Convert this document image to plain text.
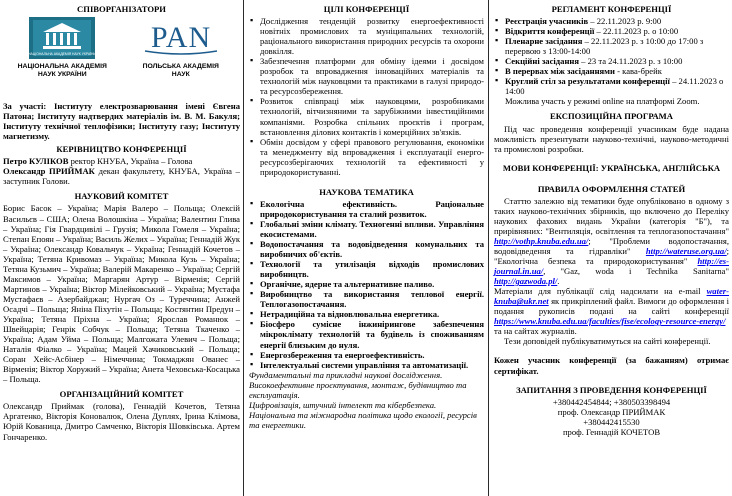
СПІВОРГАНІЗАТОРИ
НАЦІОНАЛЬНА АКАДЕМІЯ НАУК УКРАЇНИ
НАЦІОНАЛЬНА АКАДЕМІЯ НАУК УКРАЇНИ
PAN
ПОЛЬСЬКА АКАДЕМІЯ НАУК
За участі: Інституту електрозварювання імені Євгена Патона; Інституту надтвердих матеріалів ім. В. М. Бакуля; Інституту технічної теплофізики; Інституту газу; Інституту магнетизму.
КЕРІВНИЦТВО КОНФЕРЕНЦІЇ
Петро КУЛІКОВ ректор КНУБА, Україна – Голова
Олександр ПРИЙМАК декан факультету, КНУБА, Україна – заступник Голови.
НАУКОВИЙ КОМІТЕТ
Борис Басок – Україна; Марія Валеро – Польща; Олексій Васильєв – США; Олена Волошкіна – Україна; Валентин Глива – Україна; Гія Гвардцивілі – Грузія; Микола Гомеля – Україна; Степан Епоян – Україна; Василь Желих – Україна; Геннадій Жук – Україна; Олександр Ковальчук – Україна; Геннадій Кочетов – Україна; Тетяна Кривомаз – Україна; Микола Кузь – Україна; Тетяна Кузьмич – Україна; Валерій Макаренко – Україна; Сергій Максимов – Україна; Маргарян Артур – Вірменія; Сергій Мартинов – Україна; Віктор Мілейковський – Україна; Мустафа Мустафаєв – Азербайджан; Нургач Оз – Туреччина; Анжей Осадчі – Польща; Яніна Піхутін – Польща; Костянтин Предун – Україна; Тетяна Пріхна – Україна; Ярослав Романюк – Швейцарія; Генрік Собчук – Польща; Тетяна Ткаченко – Україна; Адам Уйма – Польща; Малгожата Улевич – Польща; Наталія Фіалко – Україна; Мацей Хачиковський – Польща; Соран Хейс-Асбінер – Німеччина; Токмаджян Ованес – Вірменія; Віктор Хоружий – Україна; Анета Чеховська-Косацька – Польща.
ОРГАНІЗАЦІЙНИЙ КОМІТЕТ
Олександр Приймак (голова), Геннадій Кочетов, Тетяна Аргатенко, Вікторія Коновалюк, Олена Дуплях, Ірина Клімова, Юрій Кованица, Дмитро Самченко, Вікторія Шовківська. Артем Гончаренко.
ЦІЛІ КОНФЕРЕНЦІЇ
▪ Дослідження тенденцій розвитку енергоефективності новітніх промислових та муніципальних технологій, раціонального використання природних ресурсів та охорони довкілля.
▪ Забезпечення платформи для обміну ідеями і досвідом розробок та впровадження інноваційних матеріалів та технологій між науковцями та практиками в галузі природо- та ресурсозбереження.
▪ Розвиток співпраці між науковцями, розробниками технологій, вітчизняними та зарубіжними інвестиційними компаніями. Розробка спільних проєктів і програм, встановлення ділових контактів і комерційних зв'язків.
▪ Обмін досвідом у сфері правового регулювання, економіки та менеджменту від впровадження і експлуатації енерго- ресурсозберігаючих технологій та ефективності у природокористуванні.
НАУКОВА ТЕМАТИКА
▪ Екологічна ефективність. Раціональне природокористування та сталий розвиток.
▪ Глобальні зміни клімату. Техногенні впливи. Управління екосистемами.
▪ Водопостачання та водовідведення комунальних та виробничих об'єктів.
▪ Технології та утилізація відходів промислових виробництв.
▪ Органічне, ядерне та альтернативне паливо.
▪ Виробництво та використання теплової енергії. Теплогазопостачання.
▪ Нетрадиційна та відновлювальна енергетика.
▪ Біосферо сумісне інжинірингове забезпечення мікроклімату технологій та будівель із споживанням енергії близьким до нуля.
▪ Енергозбереження та енергоефективність.
▪ Інтелектуальні системи управління та автоматизації.
Фундаментальні та прикладні наукові дослідження. Високоефективне проєктування, монтаж, будівництво та експлуатація.
Цифровізація, штучний інтелект та кібербезпека.
Національна та міжнародна політика щодо екології, ресурсів та енергетики.
РЕГЛАМЕНТ КОНФЕРЕНЦІЇ
▪ Реєстрація учасників – 22.11.2023 р. 9:00
▪ Відкриття конференції – 22.11.2023 р. о 10:00
▪ Пленарне засідання – 22.11.2023 р. з 10:00 до 17:00 з перервою з 13:00-14:00
▪ Секційні засідання – 23 та 24.11.2023 р. з 10:00
▪ В перервах між засіданнями - кава-брейк
▪ Круглий стіл за результатами конференції – 24.11.2023 о 14:00
Можлива участь у режимі online на платформі Zoom.
ЕКСПОЗИЦІЙНА ПРОГРАМА
Під час проведення конференції учасникам буде надана можливість презентувати науково-технічні, науково-методичні та промислові розробки.
МОВИ КОНФЕРЕНЦІЇ: УКРАЇНСЬКА, АНГЛІЙСЬКА
ПРАВИЛА ОФОРМЛЕННЯ СТАТЕЙ
Статтю залежно від тематики буде опубліковано в одному з таких науково-технічних збірників, що включено до Переліку наукових фахових видань України (категорія "Б"), та прирівняних: "Вентиляція, освітлення та теплогазопостачання" http://vothp.knuba.edu.ua/; "Проблеми водопостачання, водовідведення та гідравліки" http://waterusе.org.ua/; "Екологічна безпека та природокористування" http://es-journal.in.ua/, "Gaz, woda i Technika Sanitarna" http://gazwoda.pl/.
Матеріали для публікації слід надсилати на e-mail water-knuba@ukr.net як прикріплений файл. Вимоги до оформлення і подання рукописів подані на сайті конференції https://www.knuba.edu.ua/faculties/fise/ecology-resource-energy/ та на сайтах журналів.
Тези доповідей публікуватимуться на сайті конференції.
Кожен учасник конференції (за бажанням) отримає сертифікат.
ЗАПИТАННЯ З ПРОВЕДЕННЯ КОНФЕРЕНЦІЇ
+380442454844; +380503398494
проф. Олександр ПРИЙМАК
+380442415530
проф. Геннадій КОЧЕТОВ
